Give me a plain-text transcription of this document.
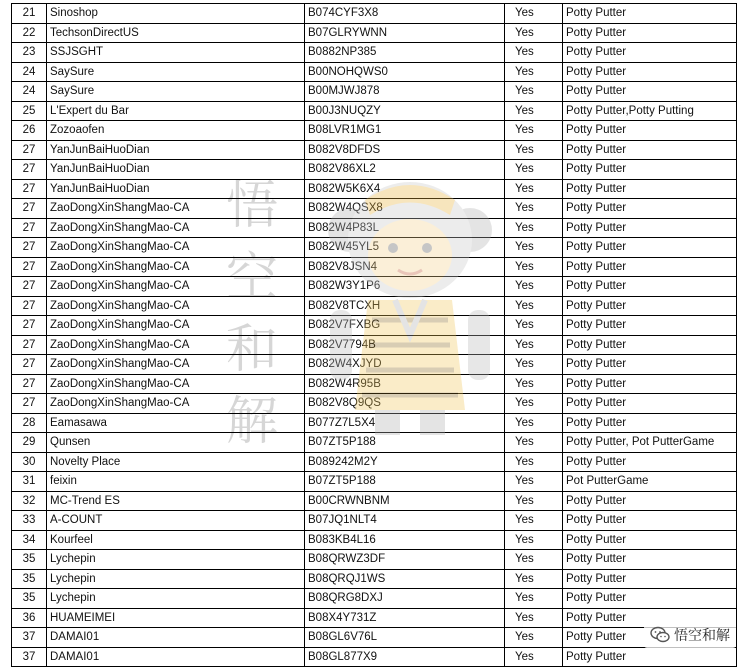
21	Sinoshop	B074CYF3X8	Yes	Potty Putter
22	TechsonDirectUS	B07GLRYWNN	Yes	Potty Putter
23	SSJSGHT	B0882NP385	Yes	Potty Putter
24	SaySure	B00NOHQWS0	Yes	Potty Putter
24	SaySure	B00MJWJ878	Yes	Potty Putter
25	L'Expert du Bar	B00J3NUQZY	Yes	Potty Putter,Potty Putting
26	Zozoaofen	B08LVR1MG1	Yes	Potty Putter
27	YanJunBaiHuoDian	B082V8DFDS	Yes	Potty Putter
27	YanJunBaiHuoDian	B082V86XL2	Yes	Potty Putter
27	YanJunBaiHuoDian	B082W5K6X4	Yes	Potty Putter
27	ZaoDongXinShangMao-CA	B082W4QSX8	Yes	Potty Putter
27	ZaoDongXinShangMao-CA	B082W4P83L	Yes	Potty Putter
27	ZaoDongXinShangMao-CA	B082W45YL5	Yes	Potty Putter
27	ZaoDongXinShangMao-CA	B082V8JSN4	Yes	Potty Putter
27	ZaoDongXinShangMao-CA	B082W3Y1P6	Yes	Potty Putter
27	ZaoDongXinShangMao-CA	B082V8TCXH	Yes	Potty Putter
27	ZaoDongXinShangMao-CA	B082V7FXBG	Yes	Potty Putter
27	ZaoDongXinShangMao-CA	B082V7794B	Yes	Potty Putter
27	ZaoDongXinShangMao-CA	B082W4XJYD	Yes	Potty Putter
27	ZaoDongXinShangMao-CA	B082W4R95B	Yes	Potty Putter
27	ZaoDongXinShangMao-CA	B082V8Q9QS	Yes	Potty Putter
28	Eamasawa	B077Z7L5X4	Yes	Potty Putter
29	Qunsen	B07ZT5P188	Yes	Potty Putter, Pot PutterGame
30	Novelty Place	B089242M2Y	Yes	Potty Putter
31	feixin	B07ZT5P188	Yes	Pot PutterGame
32	MC-Trend ES	B00CRWNBNM	Yes	Potty Putter
33	A-COUNT	B07JQ1NLT4	Yes	Potty Putter
34	Kourfeel	B083KB4L16	Yes	Potty Putter
35	Lychepin	B08QRWZ3DF	Yes	Potty Putter
35	Lychepin	B08QRQJ1WS	Yes	Potty Putter
35	Lychepin	B08QRG8DXJ	Yes	Potty Putter
36	HUAMEIMEI	B08X4Y731Z	Yes	Potty Putter
37	DAMAI01	B08GL6V76L	Yes	Potty Putter
37	DAMAI01	B08GL877X9	Yes	Potty Putter
悟
空
和
解
悟空和解
